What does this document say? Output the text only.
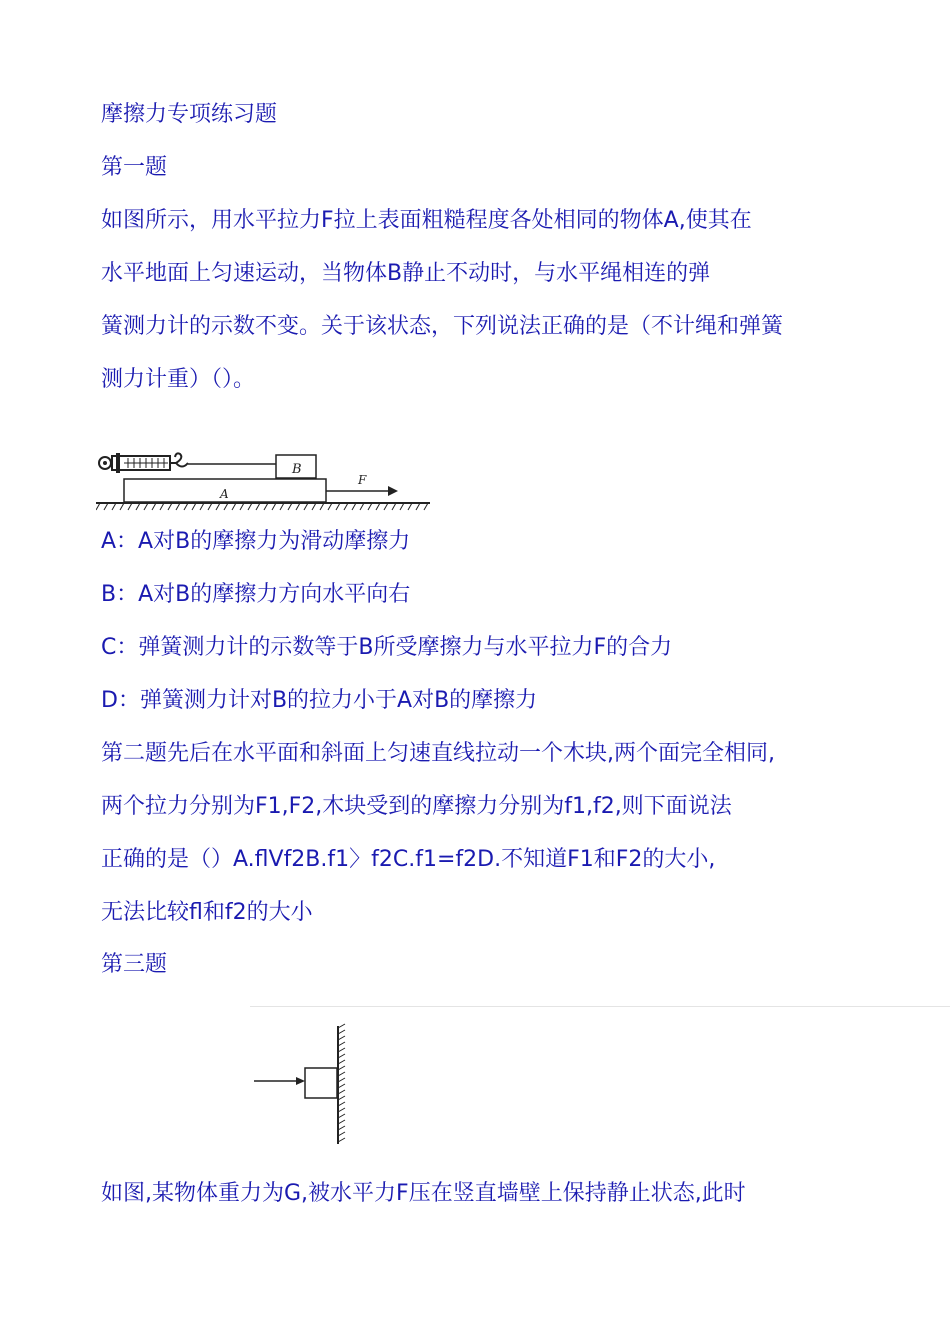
摩擦力专项练习题
第一题
如图所示，用水平拉力F拉上表面粗糙程度各处相同的物体A,使其在
水平地面上匀速运动，当物体B静止不动时，与水平绳相连的弹
簧测力计的示数不变。关于该状态，下列说法正确的是（不计绳和弹簧
测力计重）（）。
B
A
F
A：A对B的摩擦力为滑动摩擦力
B：A对B的摩擦力方向水平向右
C：弹簧测力计的示数等于B所受摩擦力与水平拉力F的合力
D：弹簧测力计对B的拉力小于A对B的摩擦力
第二题先后在水平面和斜面上匀速直线拉动一个木块,两个面完全相同,
两个拉力分别为F1,F2,木块受到的摩擦力分别为f1,f2,则下面说法
正确的是（）A.flVf2B.f1〉f2C.f1=f2D.不知道F1和F2的大小,
无法比较fl和f2的大小
第三题
如图,某物体重力为G,被水平力F压在竖直墙壁上保持静止状态,此时
